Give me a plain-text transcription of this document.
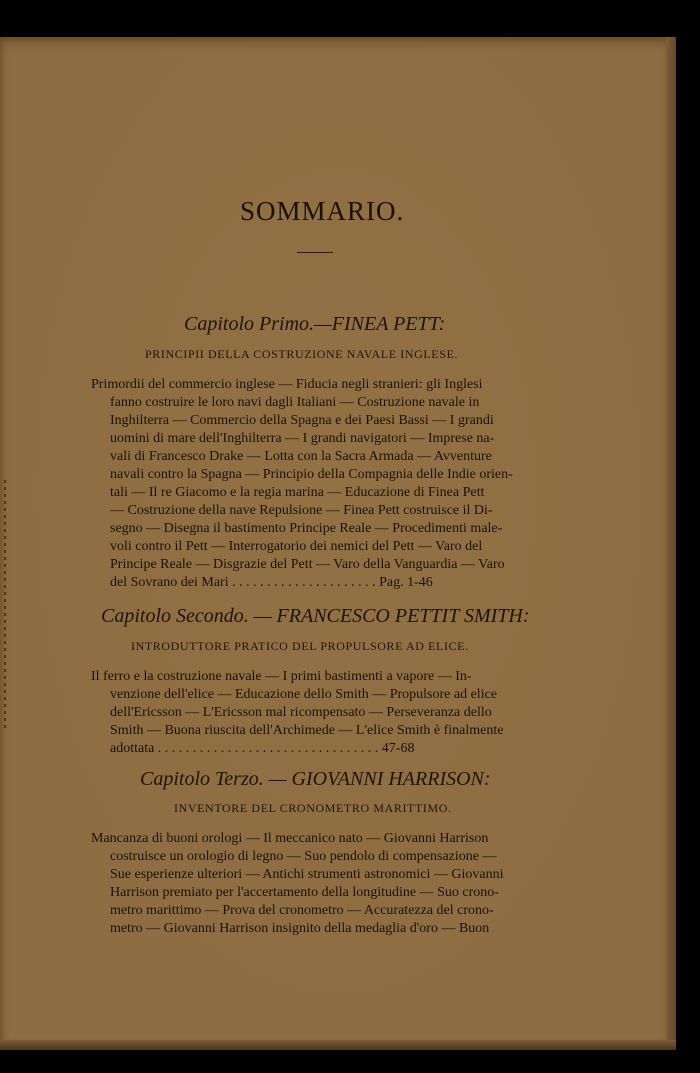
SOMMARIO.
Capitolo Primo.—FINEA PETT:
PRINCIPII DELLA COSTRUZIONE NAVALE INGLESE.
Primordii del commercio inglese — Fiducia negli stranieri: gli Inglesi
fanno costruire le loro navi dagli Italiani — Costruzione navale in
Inghilterra — Commercio della Spagna e dei Paesi Bassi — I grandi
uomini di mare dell'Inghilterra — I grandi navigatori — Imprese na-
vali di Francesco Drake — Lotta con la Sacra Armada — Avventure
navali contro la Spagna — Principio della Compagnia delle Indie orien-
tali — Il re Giacomo e la regia marina — Educazione di Finea Pett
— Costruzione della nave Repulsione — Finea Pett costruisce il Di-
segno — Disegna il bastimento Principe Reale — Procedimenti male-
voli contro il Pett — Interrogatorio dei nemici del Pett — Varo del
Principe Reale — Disgrazie del Pett — Varo della Vanguardia — Varo
del Sovrano dei Mari . . . . . . . . . . . . . . . . . . . . . Pag. 1-46
Capitolo Secondo. — FRANCESCO PETTIT SMITH:
INTRODUTTORE PRATICO DEL PROPULSORE AD ELICE.
Il ferro e la costruzione navale — I primi bastimenti a vapore — In-
venzione dell'elice — Educazione dello Smith — Propulsore ad elice
dell'Ericsson — L'Ericsson mal ricompensato — Perseveranza dello
Smith — Buona riuscita dell'Archimede — L'elice Smith è finalmente
adottata . . . . . . . . . . . . . . . . . . . . . . . . . . . . . . . . 47-68
Capitolo Terzo. — GIOVANNI HARRISON:
INVENTORE DEL CRONOMETRO MARITTIMO.
Mancanza di buoni orologi — Il meccanico nato — Giovanni Harrison
costruisce un orologio di legno — Suo pendolo di compensazione —
Sue esperienze ulteriori — Antichi strumenti astronomici — Giovanni
Harrison premiato per l'accertamento della longitudine — Suo crono-
metro marittimo — Prova del cronometro — Accuratezza del crono-
metro — Giovanni Harrison insignito della medaglia d'oro — Buon
